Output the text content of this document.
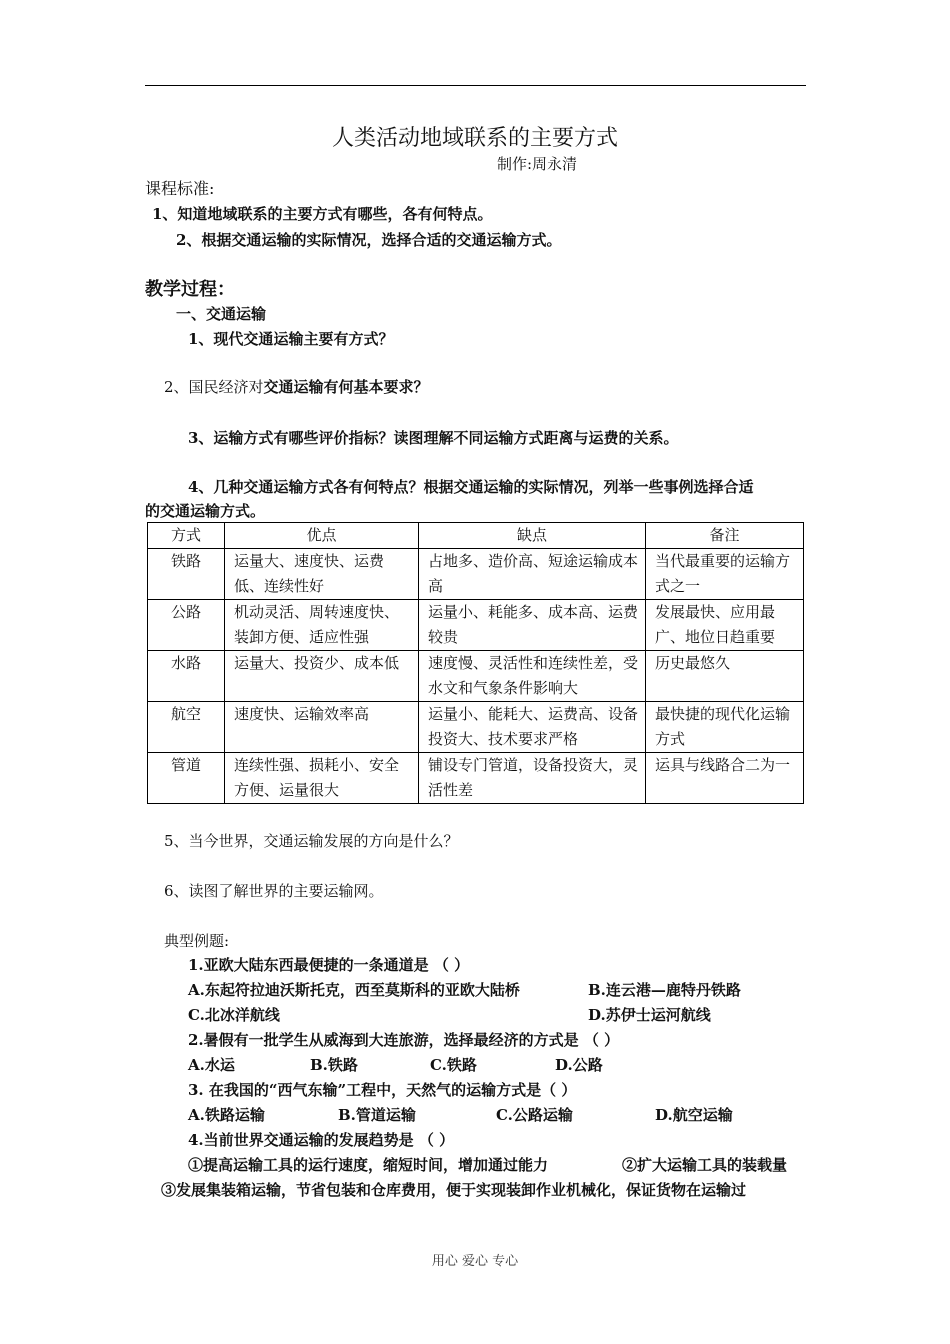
人类活动地域联系的主要方式
制作:周永清
课程标准:
1、知道地域联系的主要方式有哪些，各有何特点。
2、根据交通运输的实际情况，选择合适的交通运输方式。
教学过程：
一、交通运输
1、现代交通运输主要有方式？
2、国民经济对交通运输有何基本要求？
3、运输方式有哪些评价指标？读图理解不同运输方式距离与运费的关系。
4、几种交通运输方式各有何特点？根据交通运输的实际情况，列举一些事例选择合适
的交通运输方式。
方式	优点	缺点	备注
铁路	运量大、速度快、运费低、连续性好	占地多、造价高、短途运输成本高	当代最重要的运输方式之一
公路	机动灵活、周转速度快、装卸方便、适应性强	运量小、耗能多、成本高、运费较贵	发展最快、应用最广、地位日趋重要
水路	运量大、投资少、成本低	速度慢、灵活性和连续性差，受水文和气象条件影响大	历史最悠久
航空	速度快、运输效率高	运量小、能耗大、运费高、设备投资大、技术要求严格	最快捷的现代化运输方式
管道	连续性强、损耗小、安全方便、运量很大	铺设专门管道，设备投资大，灵活性差	运具与线路合二为一
5、当今世界，交通运输发展的方向是什么？
6、读图了解世界的主要运输网。
典型例题:
1.亚欧大陆东西最便捷的一条通道是 （ ）
A.东起符拉迪沃斯托克，西至莫斯科的亚欧大陆桥	B.连云港—鹿特丹铁路
C.北冰洋航线	D.苏伊士运河航线
2.暑假有一批学生从威海到大连旅游，选择最经济的方式是 （ ）
A.水运	B.铁路	C.铁路	D.公路
3. 在我国的“西气东输”工程中，天然气的运输方式是（ ）
A.铁路运输	B.管道运输	C.公路运输	D.航空运输
4.当前世界交通运输的发展趋势是 （ ）
①提高运输工具的运行速度，缩短时间，增加通过能力	②扩大运输工具的装载量
③发展集装箱运输，节省包装和仓库费用，便于实现装卸作业机械化，保证货物在运输过
用心 爱心 专心
